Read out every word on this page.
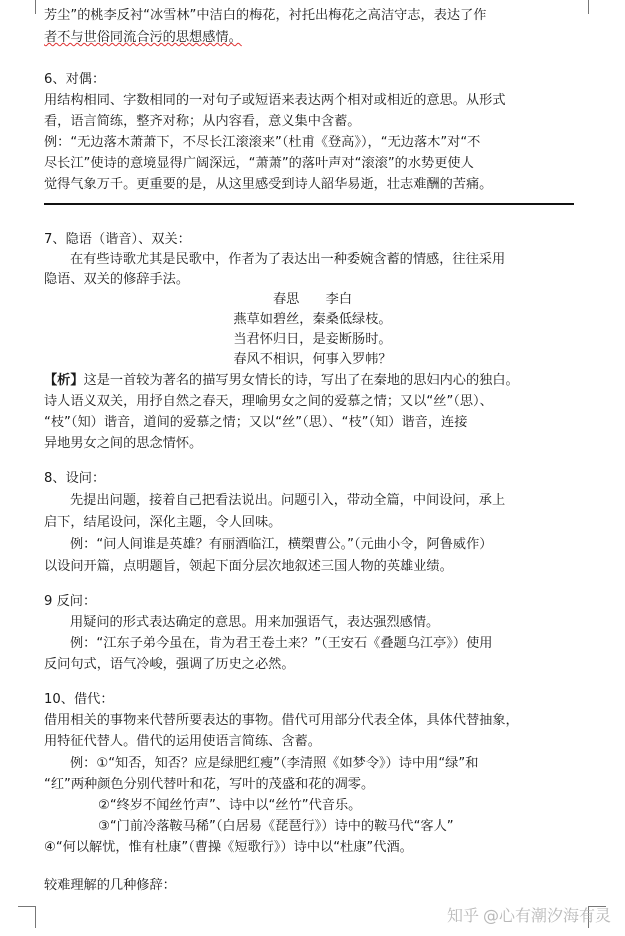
芳尘”的桃李反衬“冰雪林”中洁白的梅花，衬托出梅花之高洁守志，表达了作
者不与世俗同流合污的思想感情。
6、对偶：
用结构相同、字数相同的一对句子或短语来表达两个相对或相近的意思。从形式
看，语言简练，整齐对称；从内容看，意义集中含蓄。
例：“无边落木萧萧下，不尽长江滚滚来”（杜甫《登高》），“无边落木”对“不
尽长江”使诗的意境显得广阔深远，“萧萧”的落叶声对“滚滚”的水势更使人
觉得气象万千。更重要的是，从这里感受到诗人韶华易逝，壮志难酬的苦痛。
7、隐语（谐音）、双关：
在有些诗歌尤其是民歌中，作者为了表达出一种委婉含蓄的情感，往往采用
隐语、双关的修辞手法。
春思　　李白
燕草如碧丝，秦桑低绿枝。
当君怀归日，是妾断肠时。
春风不相识，何事入罗帏？
【析】这是一首较为著名的描写男女情长的诗，写出了在秦地的思妇内心的独白。
诗人语义双关，用抒自然之春天，理喻男女之间的爱慕之情；又以“丝”（思）、
“枝”（知）谐音，道间的爱慕之情；又以“丝”（思）、“枝”（知）谐音，连接
异地男女之间的思念情怀。
8、设问：
先提出问题，接着自己把看法说出。问题引入，带动全篇，中间设问，承上
启下，结尾设问，深化主题，令人回味。
例：“问人间谁是英雄？有丽酒临江，横槊曹公。”（元曲小令，阿鲁威作）
以设问开篇，点明题旨，领起下面分层次地叙述三国人物的英雄业绩。
9 反问：
用疑问的形式表达确定的意思。用来加强语气，表达强烈感情。
例：“江东子弟今虽在，肯为君王卷土来？”（王安石《叠题乌江亭》）使用
反问句式，语气冷峻，强调了历史之必然。
10、借代：
借用相关的事物来代替所要表达的事物。借代可用部分代表全体，具体代替抽象，
用特征代替人。借代的运用使语言简练、含蓄。
例：①“知否，知否？应是绿肥红瘦”（李清照《如梦令》）诗中用“绿”和
“红”两种颜色分别代替叶和花，写叶的茂盛和花的凋零。
②“终岁不闻丝竹声”、诗中以“丝竹”代音乐。
③“门前冷落鞍马稀”（白居易《琵琶行》）诗中的鞍马代“客人”
④“何以解忧，惟有杜康”（曹操《短歌行》）诗中以“杜康”代酒。
较难理解的几种修辞：
知乎 @心有潮汐海有灵
